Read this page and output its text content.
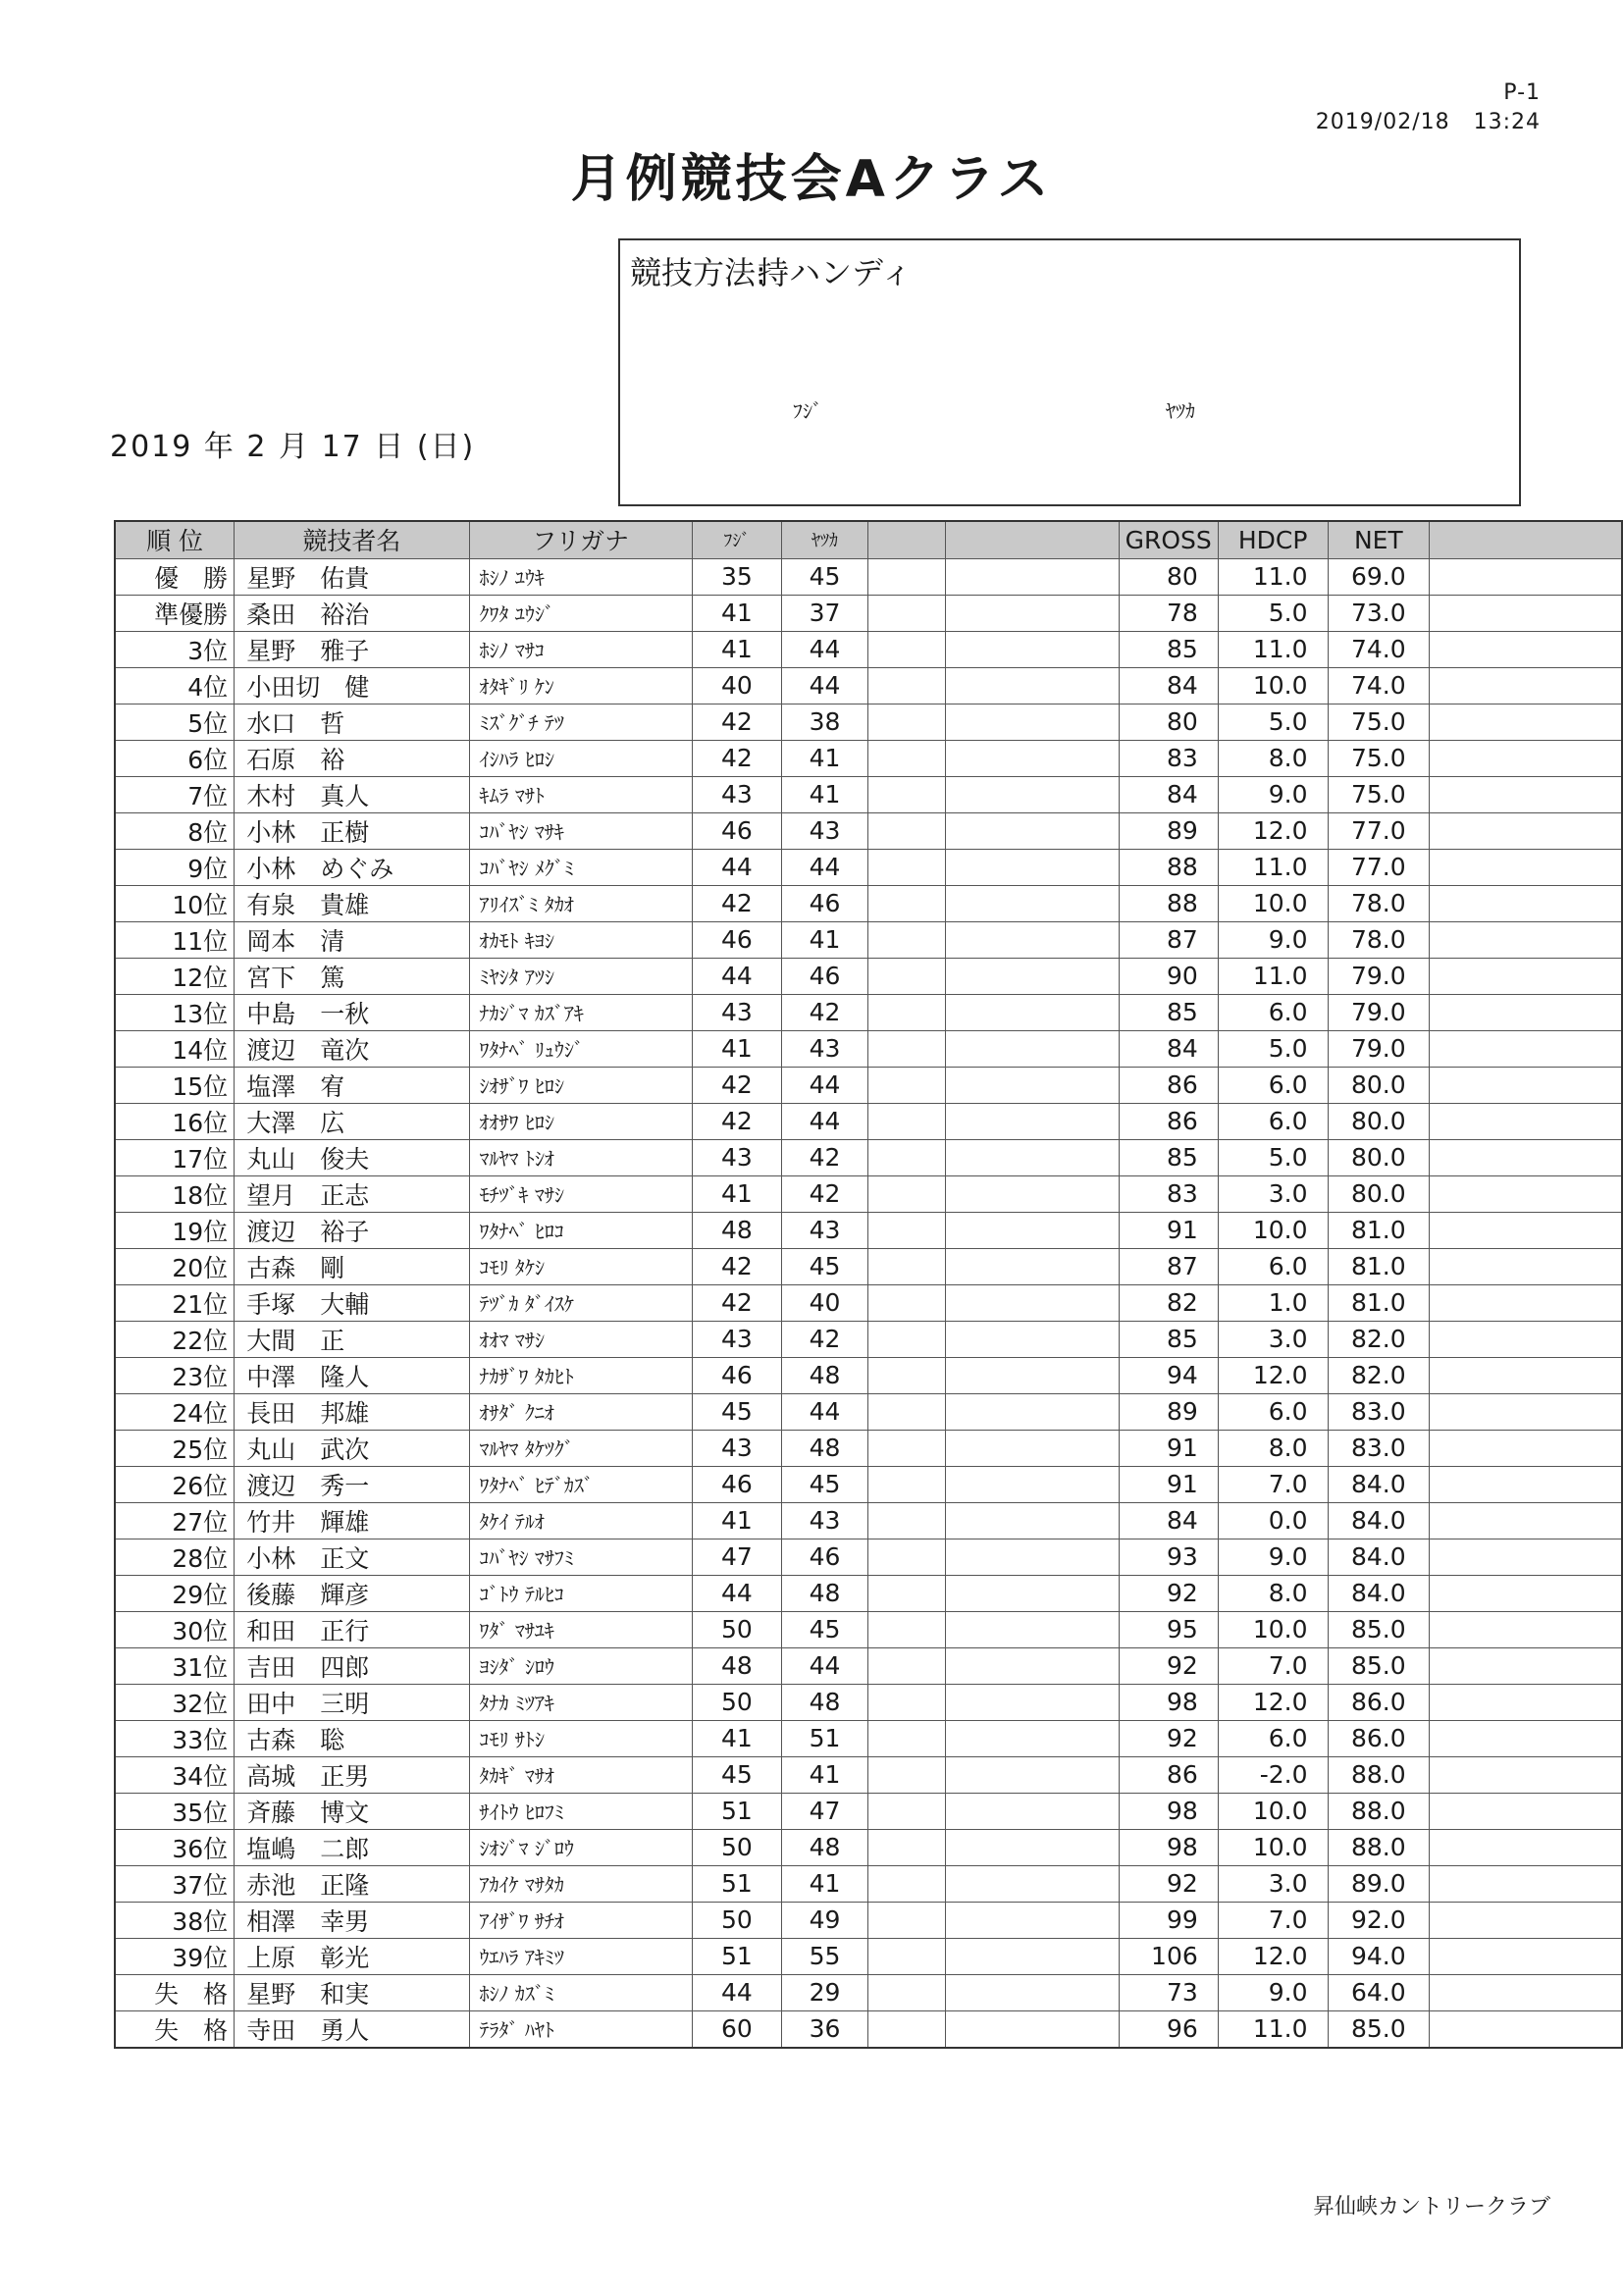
P-1
2019/02/18 13:24
月例競技会Aクラス
競技方法:
持ハンディ
ﾌｼﾞ	ﾔﾂｶ
2019 年 2 月 17 日 (日)
順 位	競技者名	フリガナ	ﾌｼﾞ	ﾔﾂｶ			GROSS	HDCP	NET	
優　勝	星野　佑貴	ﾎｼﾉ ﾕｳｷ	35	45			80	11.0	69.0	
準優勝	桑田　裕治	ｸﾜﾀ ﾕｳｼﾞ	41	37			78	5.0	73.0	
3位	星野　雅子	ﾎｼﾉ ﾏｻｺ	41	44			85	11.0	74.0	
4位	小田切　健	ｵﾀｷﾞﾘ ｹﾝ	40	44			84	10.0	74.0	
5位	水口　哲	ﾐｽﾞｸﾞﾁ ﾃﾂ	42	38			80	5.0	75.0	
6位	石原　裕	ｲｼﾊﾗ ﾋﾛｼ	42	41			83	8.0	75.0	
7位	木村　真人	ｷﾑﾗ ﾏｻﾄ	43	41			84	9.0	75.0	
8位	小林　正樹	ｺﾊﾞﾔｼ ﾏｻｷ	46	43			89	12.0	77.0	
9位	小林　めぐみ	ｺﾊﾞﾔｼ ﾒｸﾞﾐ	44	44			88	11.0	77.0	
10位	有泉　貴雄	ｱﾘｲｽﾞﾐ ﾀｶｵ	42	46			88	10.0	78.0	
11位	岡本　清	ｵｶﾓﾄ ｷﾖｼ	46	41			87	9.0	78.0	
12位	宮下　篤	ﾐﾔｼﾀ ｱﾂｼ	44	46			90	11.0	79.0	
13位	中島　一秋	ﾅｶｼﾞﾏ ｶｽﾞｱｷ	43	42			85	6.0	79.0	
14位	渡辺　竜次	ﾜﾀﾅﾍﾞ ﾘｭｳｼﾞ	41	43			84	5.0	79.0	
15位	塩澤　宥	ｼｵｻﾞﾜ ﾋﾛｼ	42	44			86	6.0	80.0	
16位	大澤　広	ｵｵｻﾜ ﾋﾛｼ	42	44			86	6.0	80.0	
17位	丸山　俊夫	ﾏﾙﾔﾏ ﾄｼｵ	43	42			85	5.0	80.0	
18位	望月　正志	ﾓﾁﾂﾞｷ ﾏｻｼ	41	42			83	3.0	80.0	
19位	渡辺　裕子	ﾜﾀﾅﾍﾞ ﾋﾛｺ	48	43			91	10.0	81.0	
20位	古森　剛	ｺﾓﾘ ﾀｹｼ	42	45			87	6.0	81.0	
21位	手塚　大輔	ﾃﾂﾞｶ ﾀﾞｲｽｹ	42	40			82	1.0	81.0	
22位	大間　正	ｵｵﾏ ﾏｻｼ	43	42			85	3.0	82.0	
23位	中澤　隆人	ﾅｶｻﾞﾜ ﾀｶﾋﾄ	46	48			94	12.0	82.0	
24位	長田　邦雄	ｵｻﾀﾞ ｸﾆｵ	45	44			89	6.0	83.0	
25位	丸山　武次	ﾏﾙﾔﾏ ﾀｹﾂｸﾞ	43	48			91	8.0	83.0	
26位	渡辺　秀一	ﾜﾀﾅﾍﾞ ﾋﾃﾞｶｽﾞ	46	45			91	7.0	84.0	
27位	竹井　輝雄	ﾀｹｲ ﾃﾙｵ	41	43			84	0.0	84.0	
28位	小林　正文	ｺﾊﾞﾔｼ ﾏｻﾌﾐ	47	46			93	9.0	84.0	
29位	後藤　輝彦	ｺﾞﾄｳ ﾃﾙﾋｺ	44	48			92	8.0	84.0	
30位	和田　正行	ﾜﾀﾞ ﾏｻﾕｷ	50	45			95	10.0	85.0	
31位	吉田　四郎	ﾖｼﾀﾞ ｼﾛｳ	48	44			92	7.0	85.0	
32位	田中　三明	ﾀﾅｶ ﾐﾂｱｷ	50	48			98	12.0	86.0	
33位	古森　聡	ｺﾓﾘ ｻﾄｼ	41	51			92	6.0	86.0	
34位	高城　正男	ﾀｶｷﾞ ﾏｻｵ	45	41			86	-2.0	88.0	
35位	斉藤　博文	ｻｲﾄｳ ﾋﾛﾌﾐ	51	47			98	10.0	88.0	
36位	塩嶋　二郎	ｼｵｼﾞﾏ ｼﾞﾛｳ	50	48			98	10.0	88.0	
37位	赤池　正隆	ｱｶｲｹ ﾏｻﾀｶ	51	41			92	3.0	89.0	
38位	相澤　幸男	ｱｲｻﾞﾜ ｻﾁｵ	50	49			99	7.0	92.0	
39位	上原　彰光	ｳｴﾊﾗ ｱｷﾐﾂ	51	55			106	12.0	94.0	
失　格	星野　和実	ﾎｼﾉ ｶｽﾞﾐ	44	29			73	9.0	64.0	
失　格	寺田　勇人	ﾃﾗﾀﾞ ﾊﾔﾄ	60	36			96	11.0	85.0	
昇仙峡カントリークラブ
